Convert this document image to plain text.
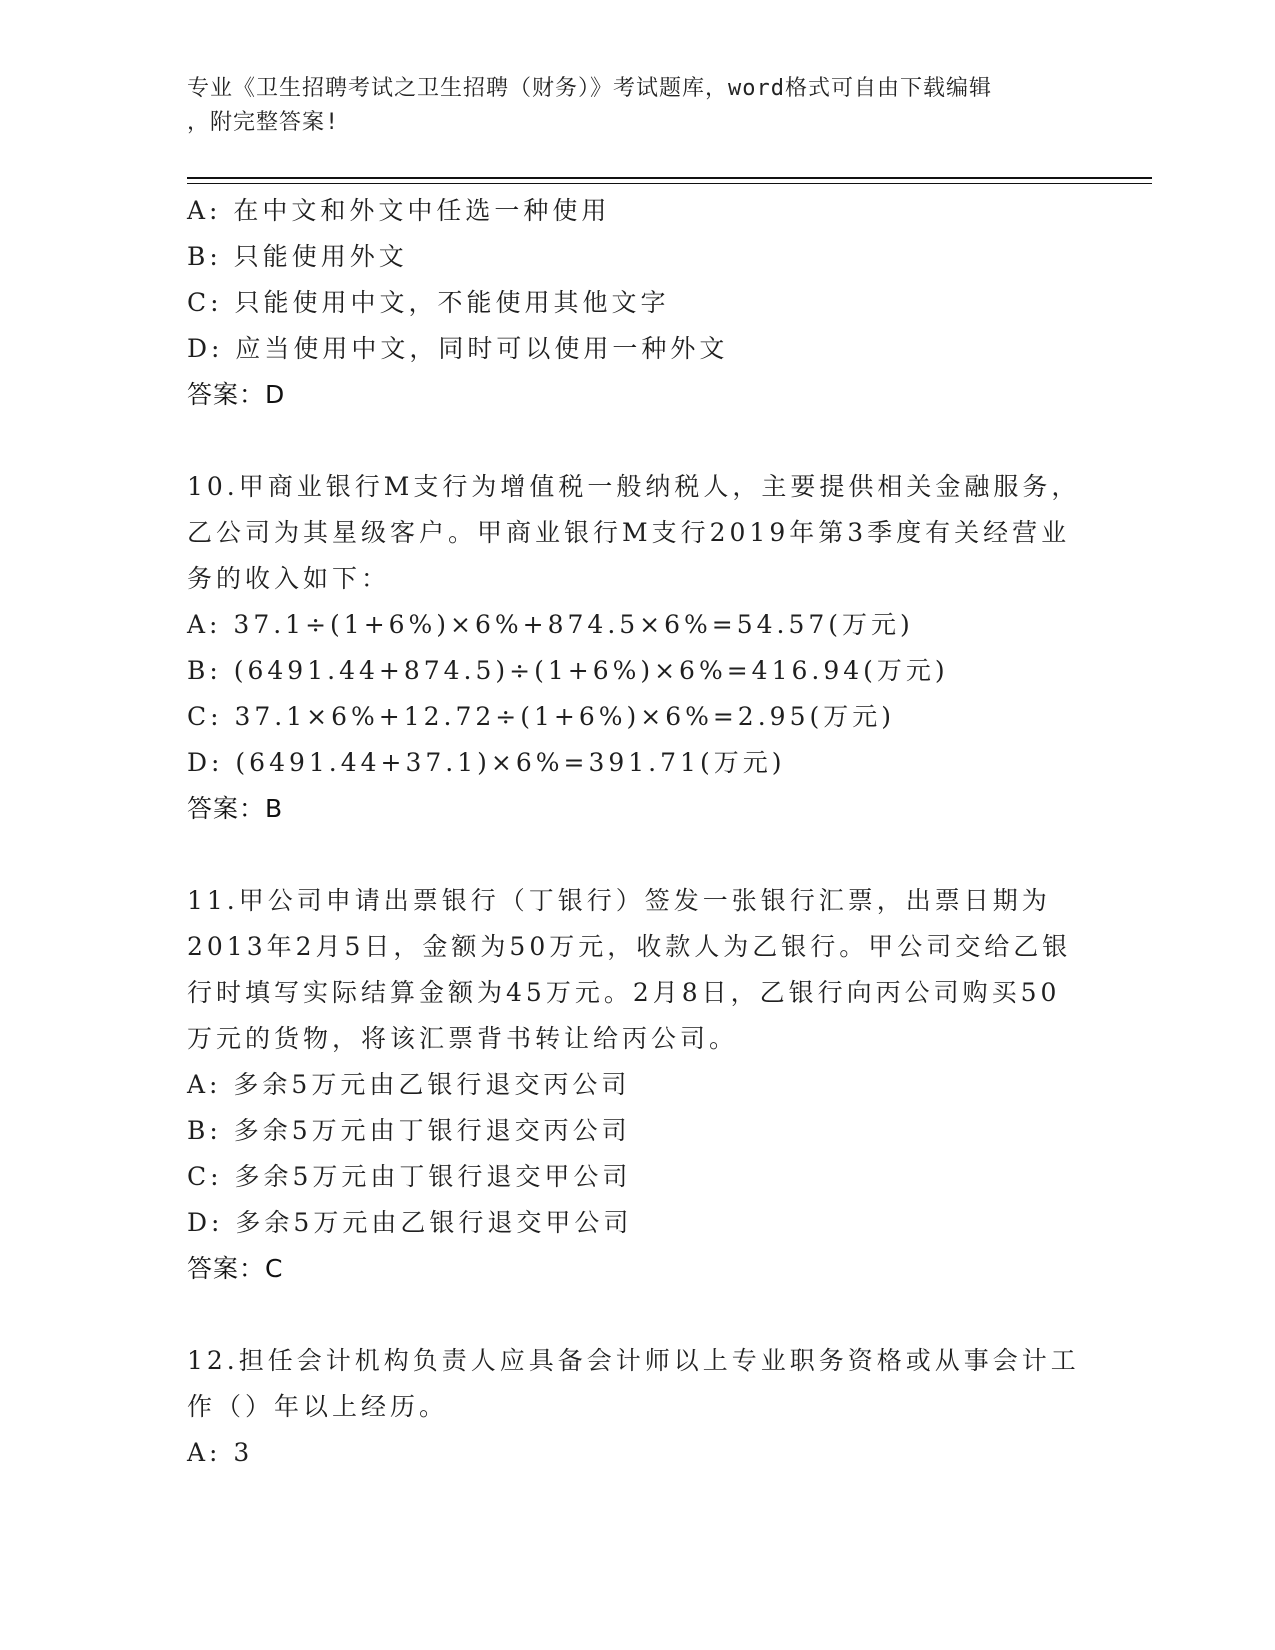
专业《卫生招聘考试之卫生招聘（财务）》考试题库，word格式可自由下载编辑
，附完整答案!
A: 在中文和外文中任选一种使用
B: 只能使用外文
C: 只能使用中文，不能使用其他文字
D: 应当使用中文，同时可以使用一种外文
答案：D
10.甲商业银行M支行为增值税一般纳税人，主要提供相关金融服务，
乙公司为其星级客户。甲商业银行M支行2019年第3季度有关经营业
务的收入如下：
A: 37.1÷(1+6%)×6%+874.5×6%=54.57(万元)
B: (6491.44+874.5)÷(1+6%)×6%=416.94(万元)
C: 37.1×6%+12.72÷(1+6%)×6%=2.95(万元)
D: (6491.44+37.1)×6%=391.71(万元)
答案：B
11.甲公司申请出票银行（丁银行）签发一张银行汇票，出票日期为
2013年2月5日，金额为50万元，收款人为乙银行。甲公司交给乙银
行时填写实际结算金额为45万元。2月8日，乙银行向丙公司购买50
万元的货物，将该汇票背书转让给丙公司。
A: 多余5万元由乙银行退交丙公司
B: 多余5万元由丁银行退交丙公司
C: 多余5万元由丁银行退交甲公司
D: 多余5万元由乙银行退交甲公司
答案：C
12.担任会计机构负责人应具备会计师以上专业职务资格或从事会计工
作（）年以上经历。
A: 3
